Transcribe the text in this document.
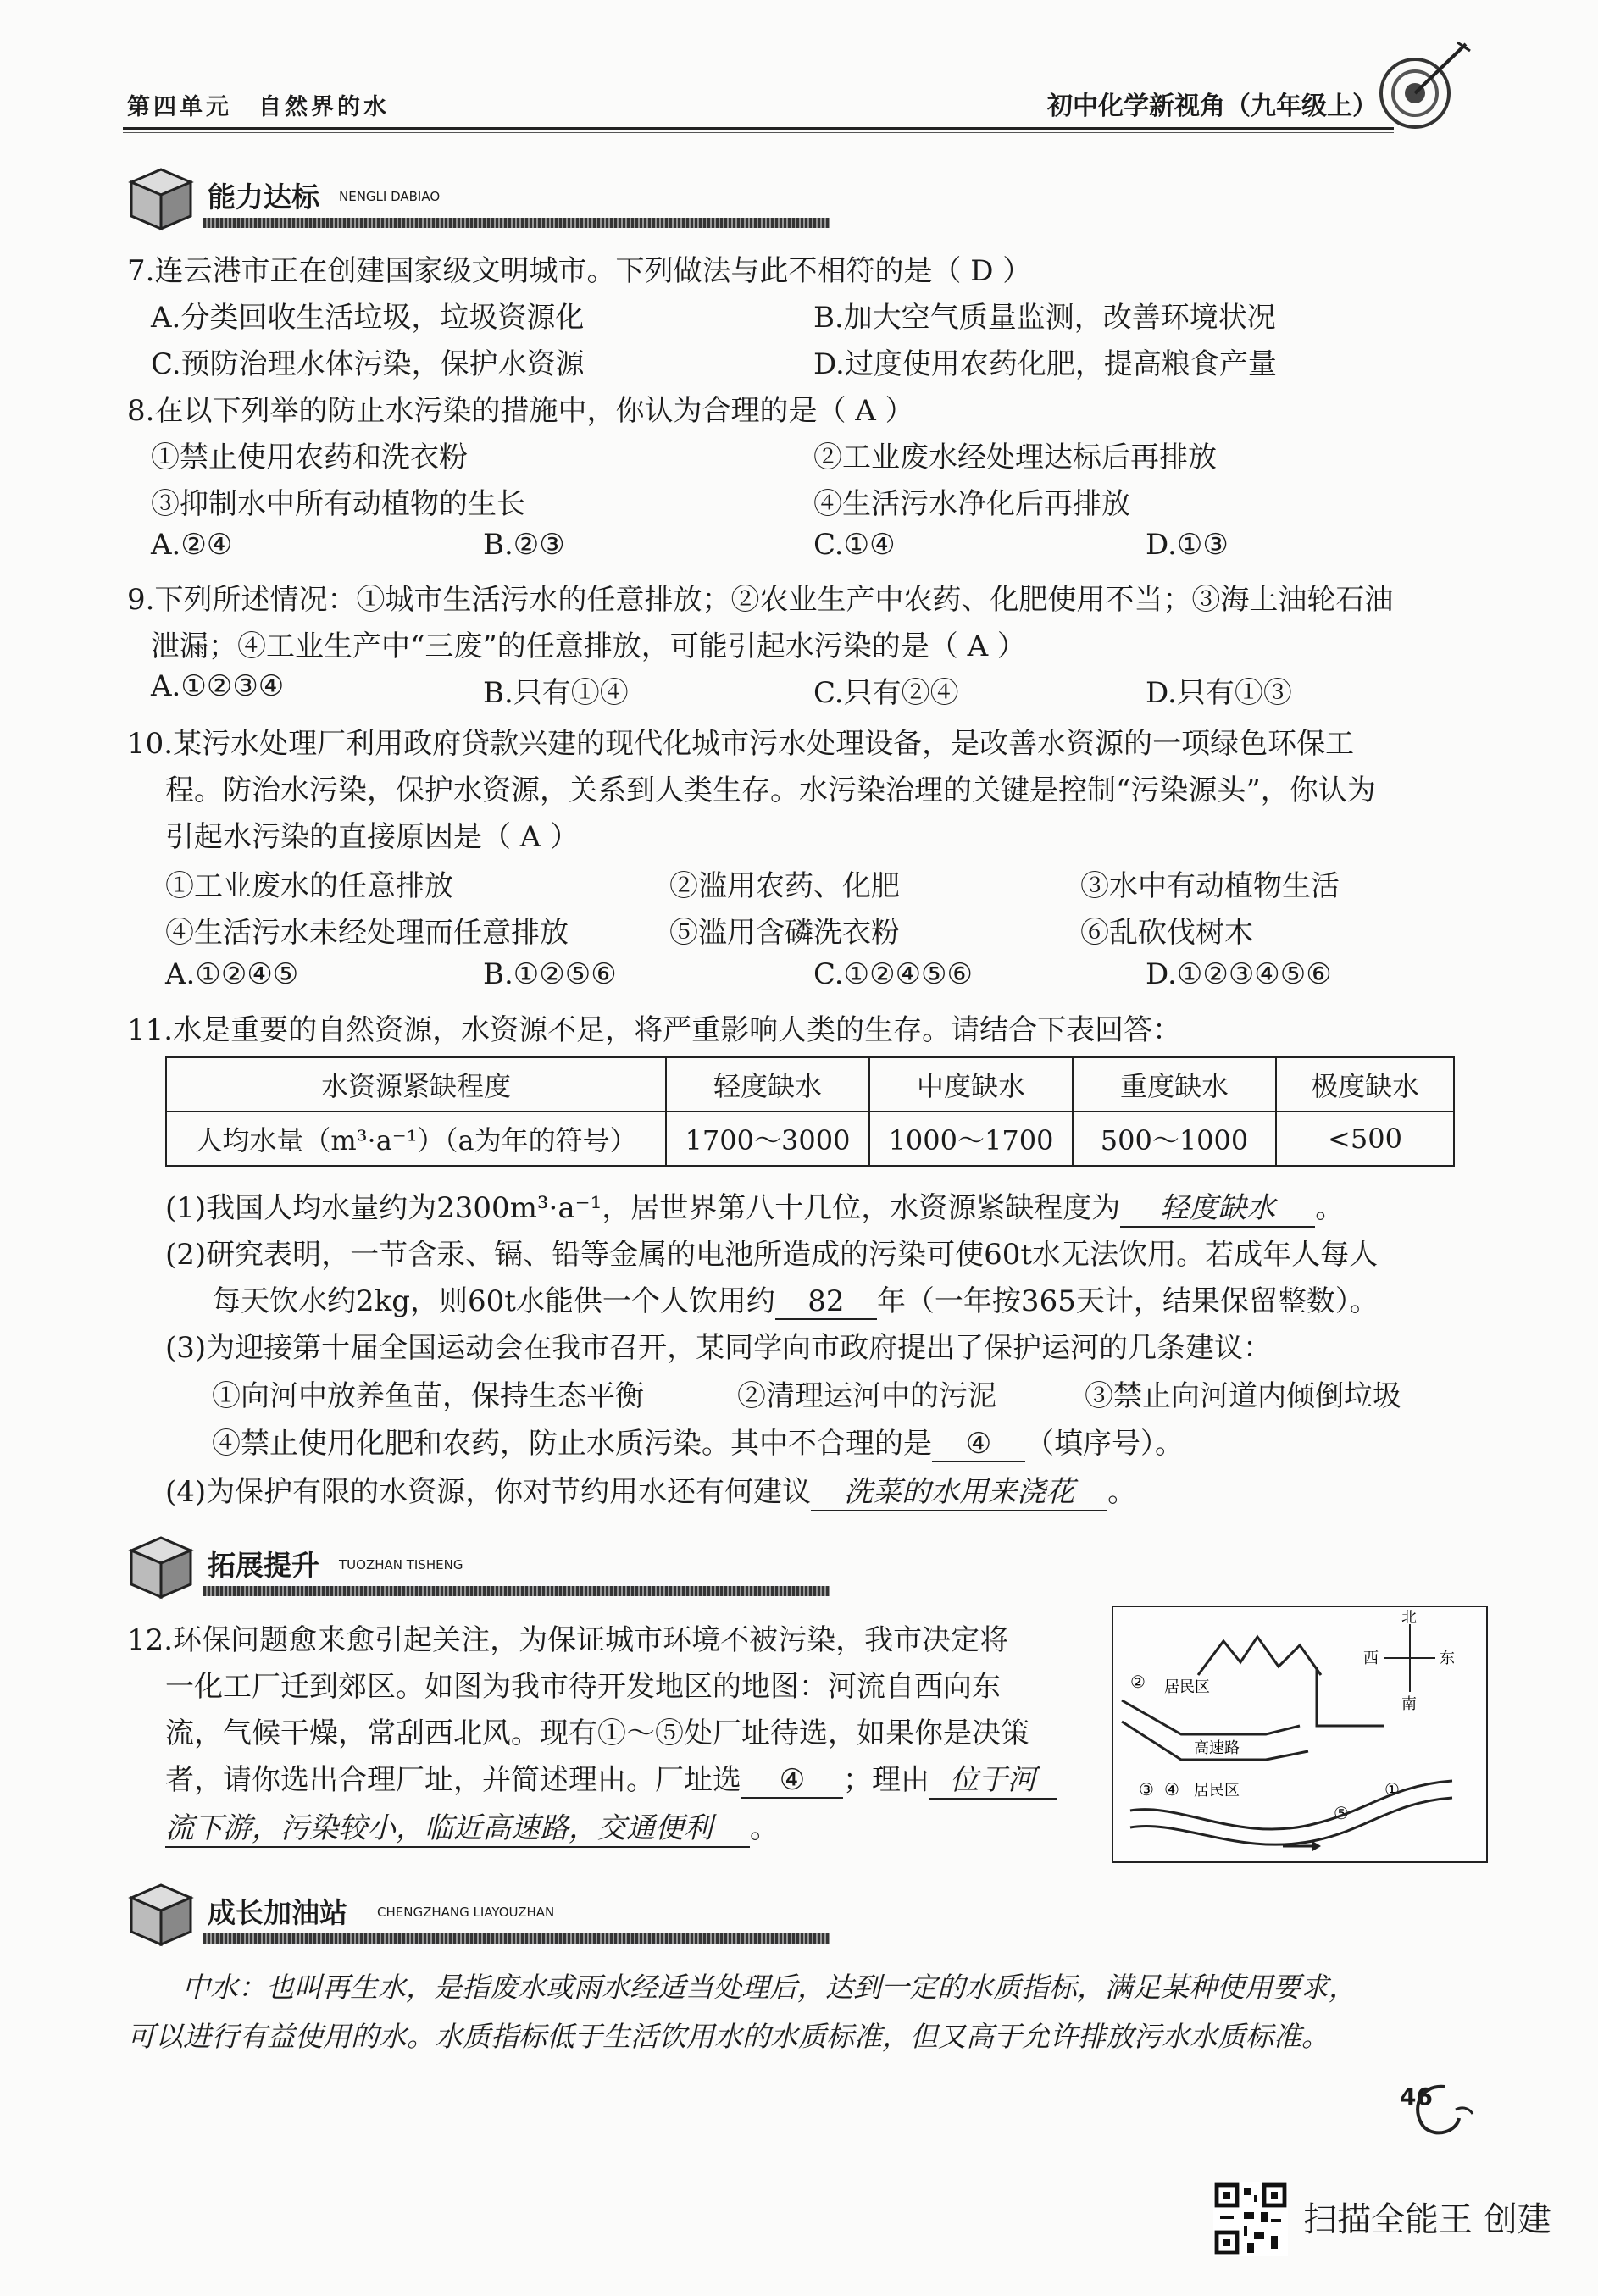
第四单元　自然界的水	初中化学新视角（九年级上）
能力达标 NENGLI DABIAO
7.连云港市正在创建国家级文明城市。下列做法与此不相符的是（ D ）
A.分类回收生活垃圾，垃圾资源化	B.加大空气质量监测，改善环境状况
C.预防治理水体污染，保护水资源	D.过度使用农药化肥，提高粮食产量
8.在以下列举的防止水污染的措施中，你认为合理的是（ A ）
①禁止使用农药和洗衣粉	②工业废水经处理达标后再排放
③抑制水中所有动植物的生长	④生活污水净化后再排放
A.②④	B.②③	C.①④	D.①③
9.下列所述情况：①城市生活污水的任意排放；②农业生产中农药、化肥使用不当；③海上油轮石油
泄漏；④工业生产中“三废”的任意排放，可能引起水污染的是（ A ）
A.①②③④	B.只有①④	C.只有②④	D.只有①③
10.某污水处理厂利用政府贷款兴建的现代化城市污水处理设备，是改善水资源的一项绿色环保工
程。防治水污染，保护水资源，关系到人类生存。水污染治理的关键是控制“污染源头”，你认为
引起水污染的直接原因是（ A ）
①工业废水的任意排放	②滥用农药、化肥	③水中有动植物生活
④生活污水未经处理而任意排放	⑤滥用含磷洗衣粉	⑥乱砍伐树木
A.①②④⑤	B.①②⑤⑥	C.①②④⑤⑥	D.①②③④⑤⑥
11.水是重要的自然资源，水资源不足，将严重影响人类的生存。请结合下表回答：
水资源紧缺程度	轻度缺水	中度缺水	重度缺水	极度缺水
人均水量（m³·a⁻¹）（a为年的符号）	1700～3000	1000～1700	500～1000	<500
(1)我国人均水量约为2300m³·a⁻¹，居世界第八十几位，水资源紧缺程度为 轻度缺水 。
(2)研究表明，一节含汞、镉、铅等金属的电池所造成的污染可使60t水无法饮用。若成年人每人
每天饮水约2kg，则60t水能供一个人饮用约 82 年（一年按365天计，结果保留整数）。
(3)为迎接第十届全国运动会在我市召开，某同学向市政府提出了保护运河的几条建议：
①向河中放养鱼苗，保持生态平衡	②清理运河中的污泥	③禁止向河道内倾倒垃圾
④禁止使用化肥和农药，防止水质污染。其中不合理的是 ④ （填序号）。
(4)为保护有限的水资源，你对节约用水还有何建议 洗菜的水用来浇花 。
拓展提升 TUOZHAN TISHENG
12.环保问题愈来愈引起关注，为保证城市环境不被污染，我市决定将
一化工厂迁到郊区。如图为我市待开发地区的地图：河流自西向东
流，气候干燥，常刮西北风。现有①～⑤处厂址待选，如果你是决策
者，请你选出合理厂址，并简述理由。厂址选 ④ ；理由 位于河
流下游，污染较小，临近高速路，交通便利 。
北
南
西	东
② 居民区
高速路
③ ④ 居民区	①
⑤
成长加油站 CHENGZHANG LIAYOUZHAN
中水：也叫再生水，是指废水或雨水经适当处理后，达到一定的水质指标，满足某种使用要求，
可以进行有益使用的水。水质指标低于生活饮用水的水质标准，但又高于允许排放污水水质标准。
46
扫描全能王 创建
